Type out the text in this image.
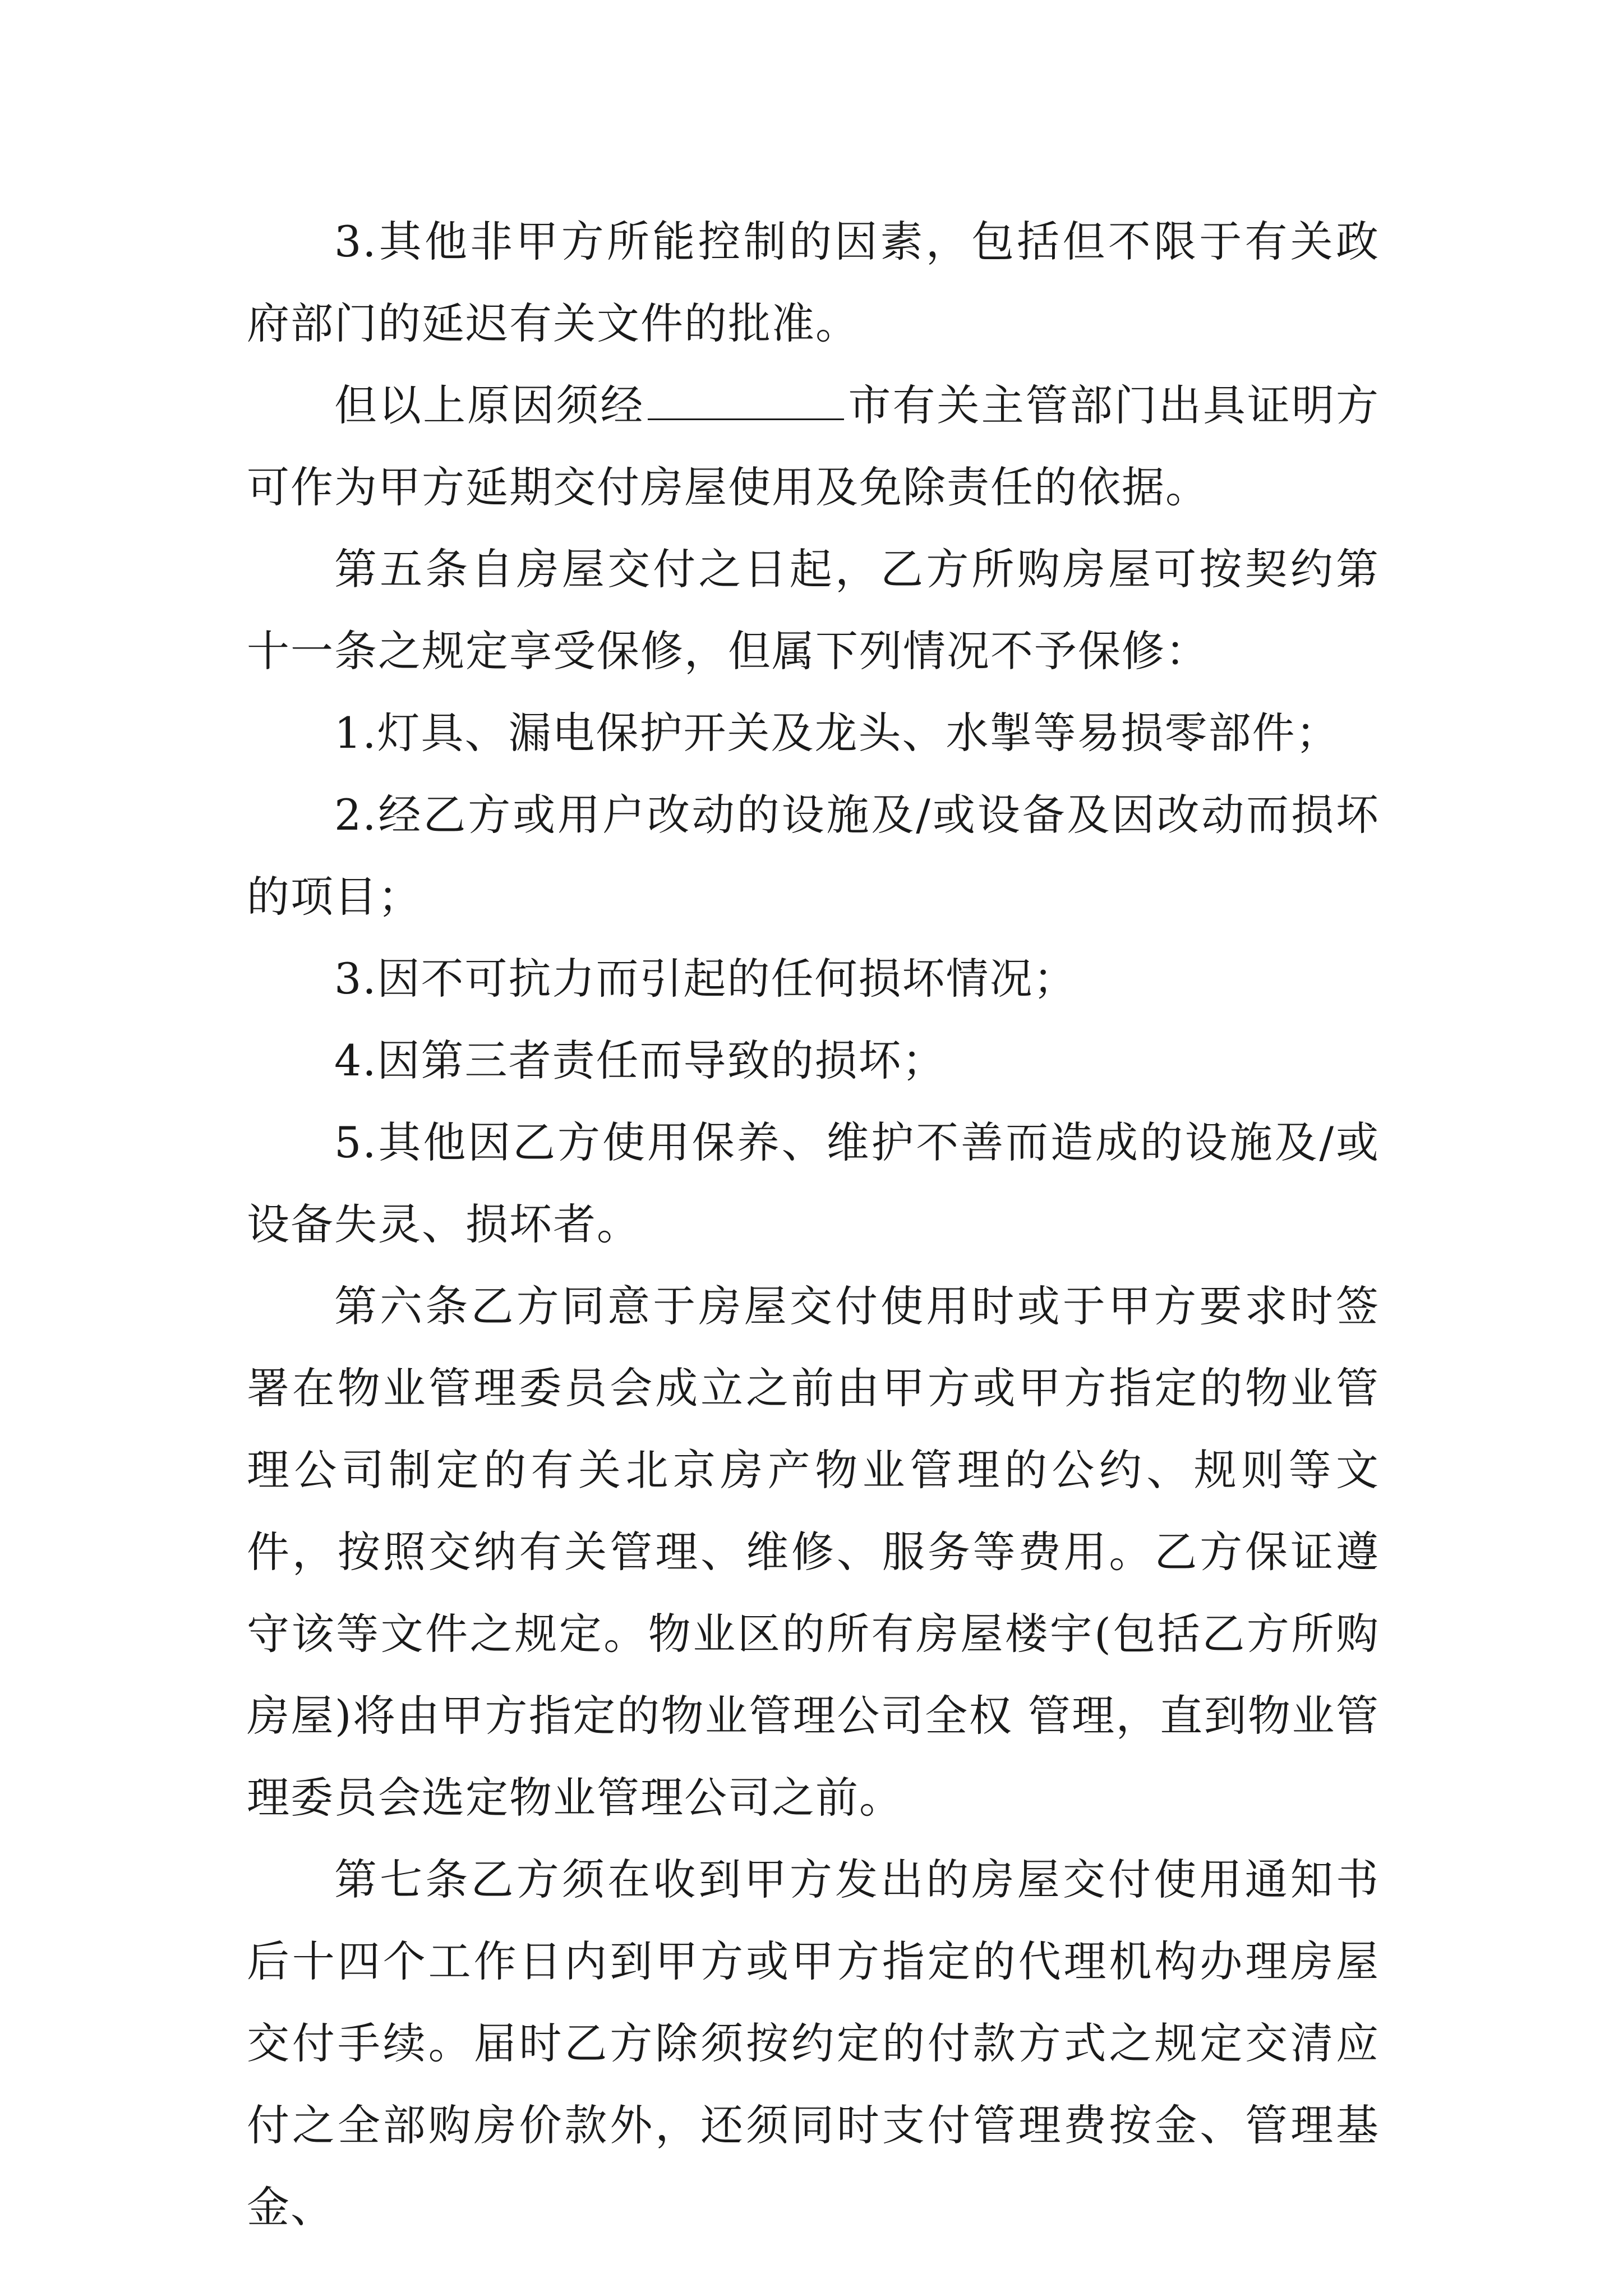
3.其他非甲方所能控制的因素，包括但不限于有关政府部门的延迟有关文件的批准。

但以上原因须经	市有关主管部门出具证明方可作为甲方延期交付房屋使用及免除责任的依据。

第五条自房屋交付之日起，乙方所购房屋可按契约第十一条之规定享受保修，但属下列情况不予保修：

1.灯具、漏电保护开关及龙头、水掣等易损零部件；

2.经乙方或用户改动的设施及/或设备及因改动而损坏的项目；

3.因不可抗力而引起的任何损坏情况；

4.因第三者责任而导致的损坏；

5.其他因乙方使用保养、维护不善而造成的设施及/或设备失灵、损坏者。

第六条乙方同意于房屋交付使用时或于甲方要求时签署在物业管理委员会成立之前由甲方或甲方指定的物业管理公司制定的有关北京房产物业管理的公约、规则等文件，按照交纳有关管理、维修、服务等费用。乙方保证遵守该等文件之规定。物业区的所有房屋楼宇(包括乙方所购房屋)将由甲方指定的物业管理公司全权 管理，直到物业管理委员会选定物业管理公司之前。

第七条乙方须在收到甲方发出的房屋交付使用通知书后十四个工作日内到甲方或甲方指定的代理机构办理房屋交付手续。届时乙方除须按约定的付款方式之规定交清应付之全部购房价款外，还须同时支付管理费按金、管理基金、
